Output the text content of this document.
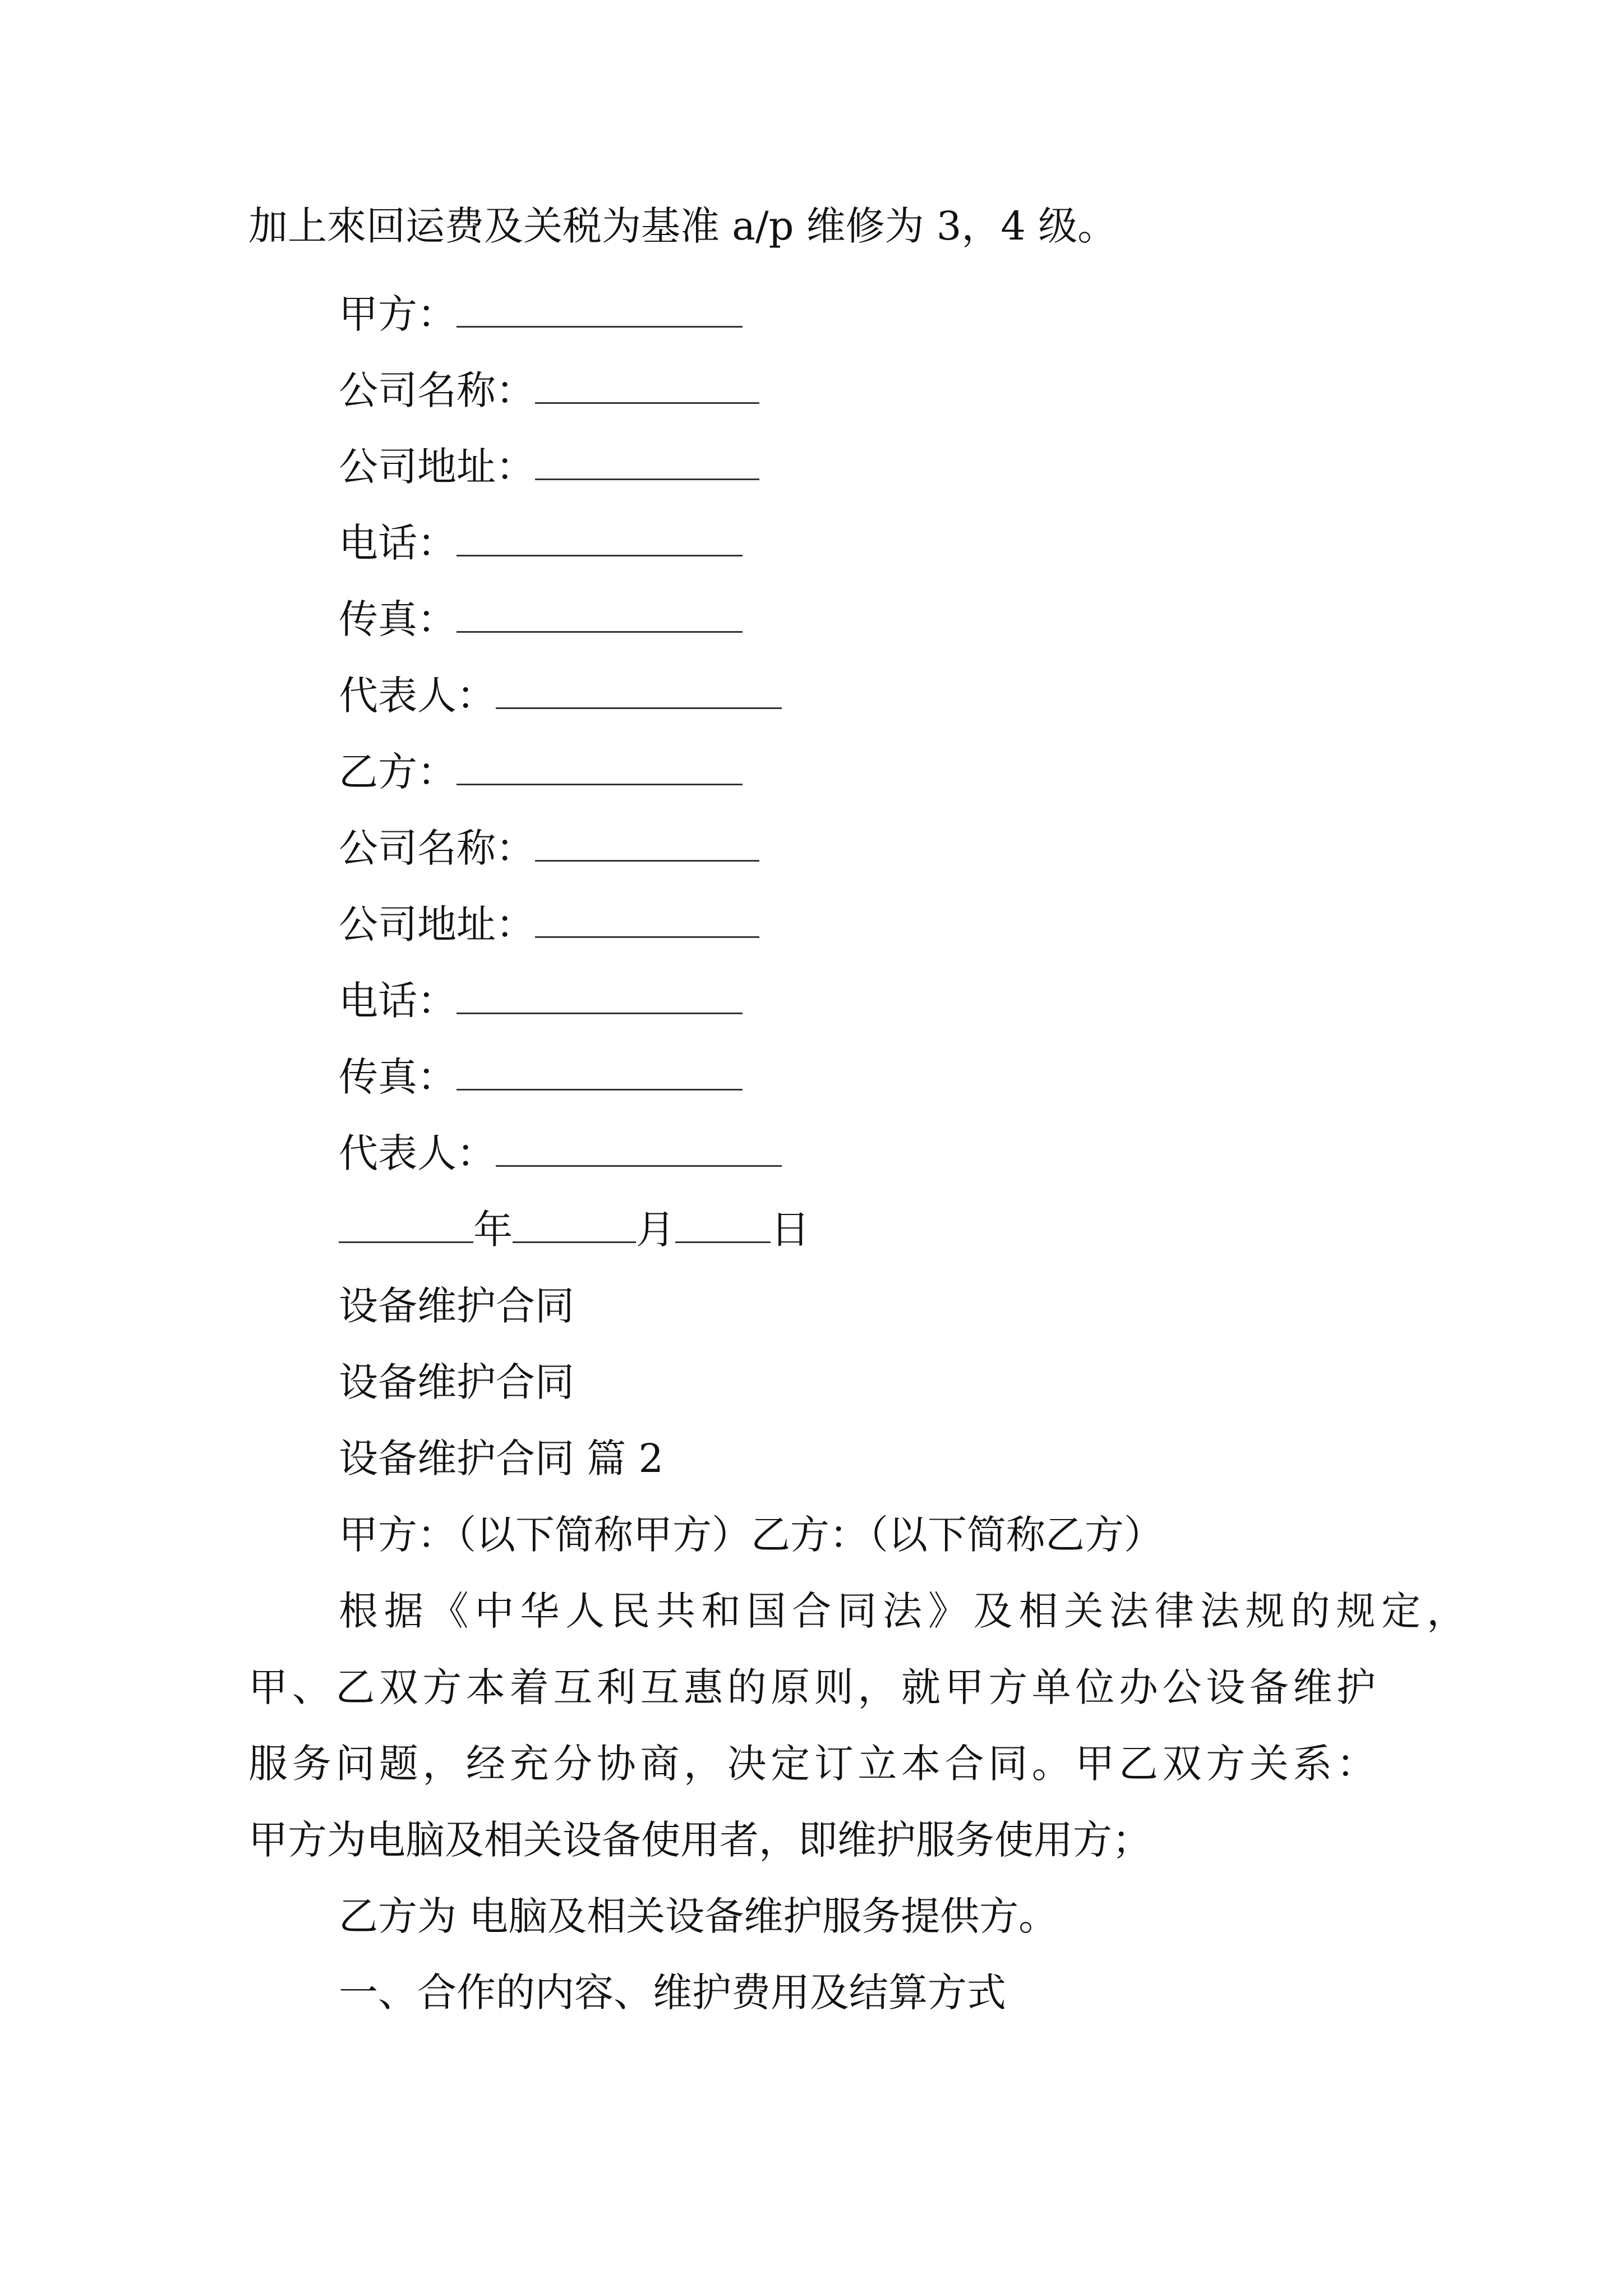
加上來回运费及关税为基准 a/p 维修为 3，4 级。
甲方：
公司名称：
公司地址：
电话：
传真：
代表人：
乙方：
公司名称：
公司地址：
电话：
传真：
代表人：
年	月 日
设备维护合同
设备维护合同
设备维护合同 篇 2
甲方：（以下简称甲方）乙方：（以下简称乙方）
根据《中华人民共和国合同法》及相关法律法规的规定，
甲、乙双方本着互利互惠的原则，就甲方单位办公设备维护
服务问题，经充分协商，决定订立本合同。甲乙双方关系：
甲方为电脑及相关设备使用者，即维护服务使用方；
乙方为 电脑及相关设备维护服务提供方。
一、合作的内容、维护费用及结算方式
